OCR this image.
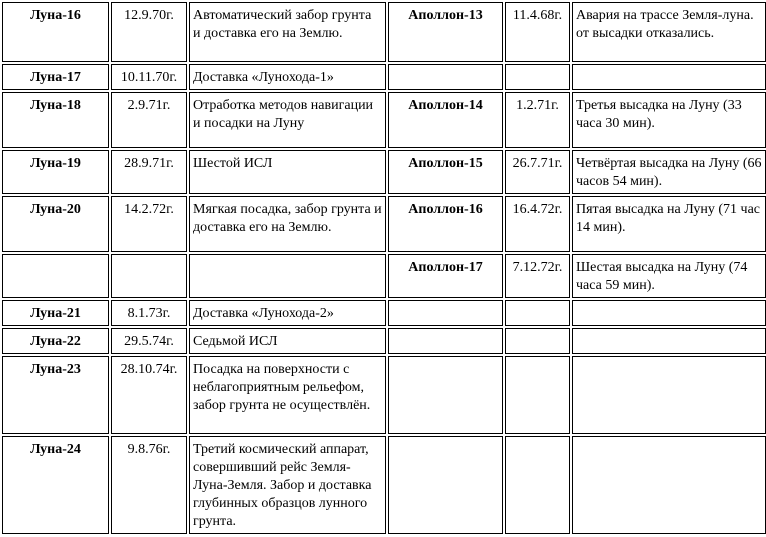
Луна-16	12.9.70г.	Автоматический забор грунта и доставка его на Землю.	Аполлон-13	11.4.68г.	Авария на трассе Земля-луна. от высадки отказались.
Луна-17	10.11.70г.	Доставка «Лунохода-1»			
Луна-18	2.9.71г.	Отработка методов навигации и посадки на Луну	Аполлон-14	1.2.71г.	Третья высадка на Луну (33 часа 30 мин).
Луна-19	28.9.71г.	Шестой ИСЛ	Аполлон-15	26.7.71г.	Четвёртая высадка на Луну (66 часов 54 мин).
Луна-20	14.2.72г.	Мягкая посадка, забор грунта и доставка его на Землю.	Аполлон-16	16.4.72г.	Пятая высадка на Луну (71 час 14 мин).
			Аполлон-17	7.12.72г.	Шестая высадка на Луну (74 часа 59 мин).
Луна-21	8.1.73г.	Доставка «Лунохода-2»			
Луна-22	29.5.74г.	Седьмой ИСЛ			
Луна-23	28.10.74г.	Посадка на поверхности с неблагоприятным рельефом, забор грунта не осуществлён.			
Луна-24	9.8.76г.	Третий космический аппарат, совершивший рейс Земля-Луна-Земля. Забор и доставка глубинных образцов лунного грунта.			
